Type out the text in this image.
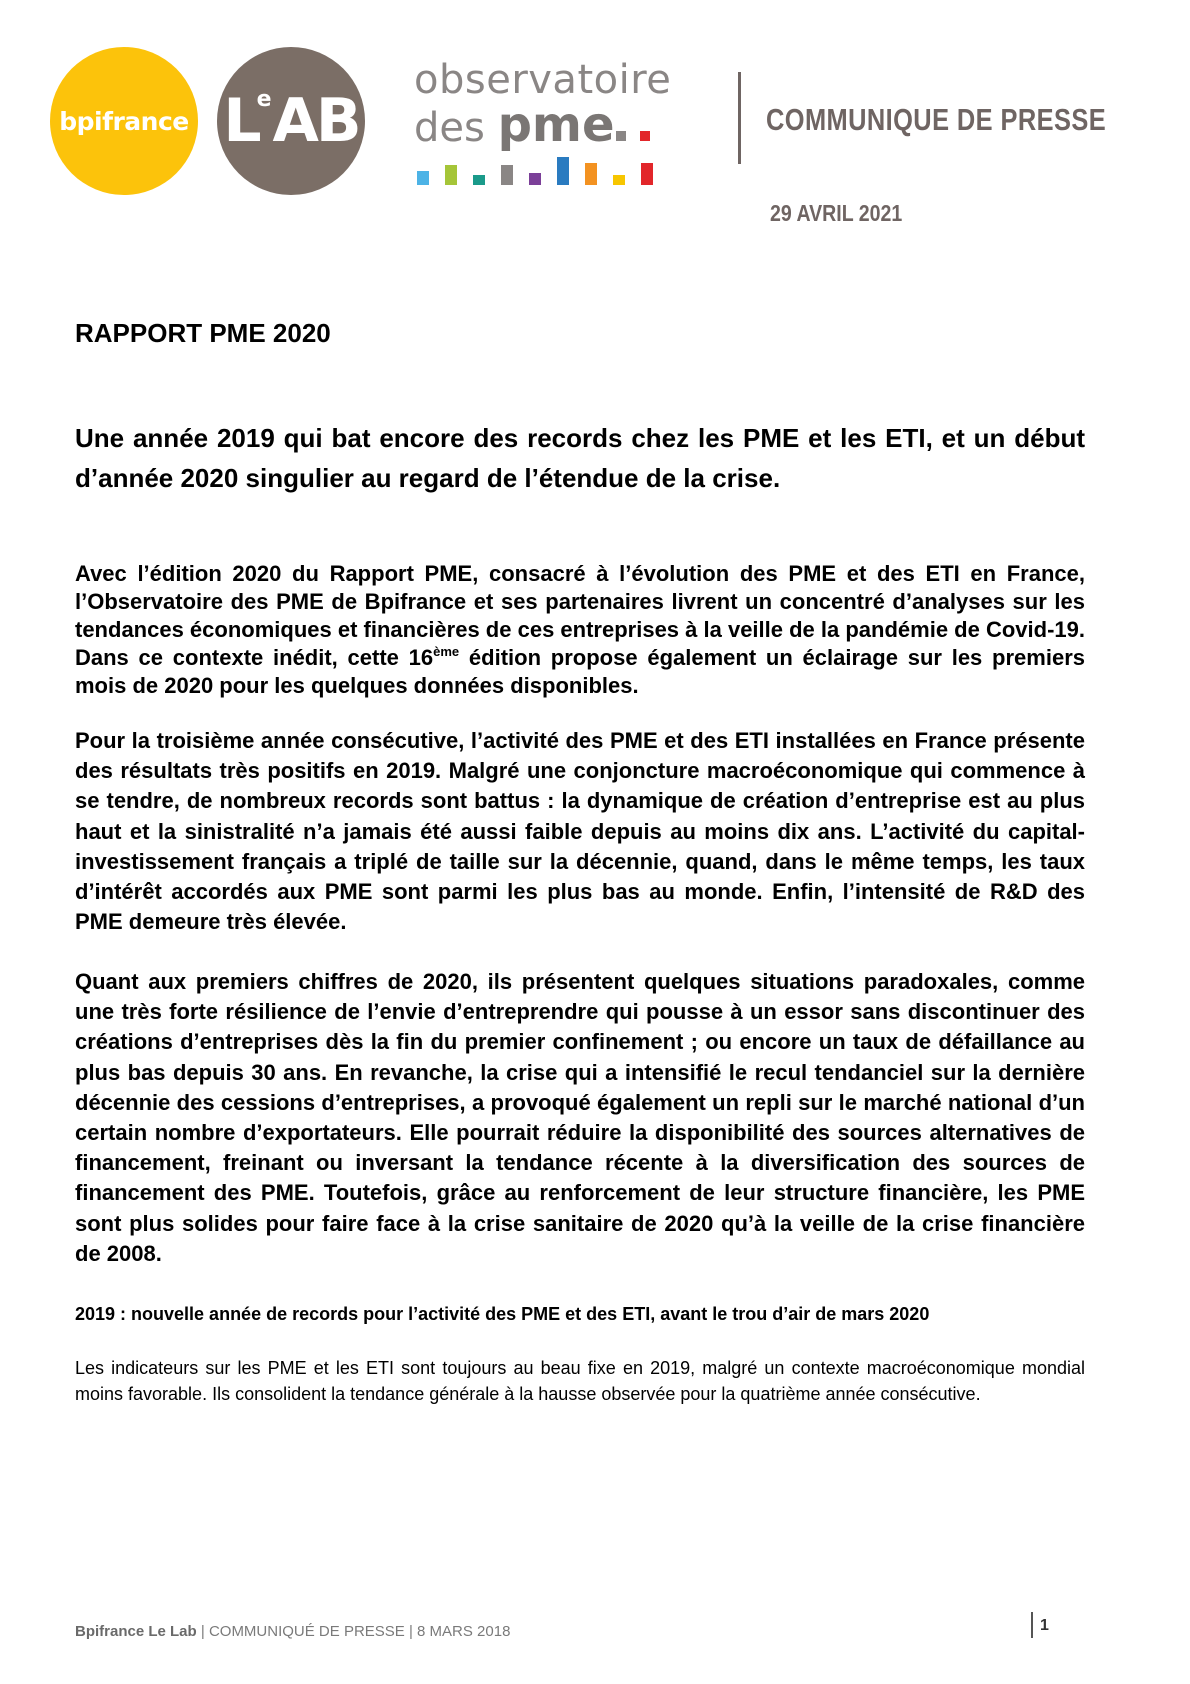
bpifrance L
e AB
observatoire
des pme	COMMUNIQUE DE PRESSE
29 AVRIL 2021
RAPPORT PME 2020
Une année 2019 qui bat encore des records chez les PME et les ETI, et un début d’année 2020 singulier au regard de l’étendue de la crise.
Avec l’édition 2020 du Rapport PME, consacré à l’évolution des PME et des ETI en France, l’Observatoire des PME de Bpifrance et ses partenaires livrent un concentré d’analyses sur les tendances économiques et financières de ces entreprises à la veille de la pandémie de Covid-19. Dans ce contexte inédit, cette 16ème édition propose également un éclairage sur les premiers mois de 2020 pour les quelques données disponibles.
Pour la troisième année consécutive, l’activité des PME et des ETI installées en France présente des résultats très positifs en 2019. Malgré une conjoncture macroéconomique qui commence à se tendre, de nombreux records sont battus : la dynamique de création d’entreprise est au plus haut et la sinistralité n’a jamais été aussi faible depuis au moins dix ans. L’activité du capital-investissement français a triplé de taille sur la décennie, quand, dans le même temps, les taux d’intérêt accordés aux PME sont parmi les plus bas au monde. Enfin, l’intensité de R&D des PME demeure très élevée.
Quant aux premiers chiffres de 2020, ils présentent quelques situations paradoxales, comme une très forte résilience de l’envie d’entreprendre qui pousse à un essor sans discontinuer des créations d’entreprises dès la fin du premier confinement ; ou encore un taux de défaillance au plus bas depuis 30 ans. En revanche, la crise qui a intensifié le recul tendanciel sur la dernière décennie des cessions d’entreprises, a provoqué également un repli sur le marché national d’un certain nombre d’exportateurs. Elle pourrait réduire la disponibilité des sources alternatives de financement, freinant ou inversant la tendance récente à la diversification des sources de financement des PME. Toutefois, grâce au renforcement de leur structure financière, les PME sont plus solides pour faire face à la crise sanitaire de 2020 qu’à la veille de la crise financière de 2008.
2019 : nouvelle année de records pour l’activité des PME et des ETI, avant le trou d’air de mars 2020
Les indicateurs sur les PME et les ETI sont toujours au beau fixe en 2019, malgré un contexte macroéconomique mondial moins favorable. Ils consolident la tendance générale à la hausse observée pour la quatrième année consécutive.
Bpifrance Le Lab | COMMUNIQUÉ DE PRESSE | 8 MARS 2018	1
